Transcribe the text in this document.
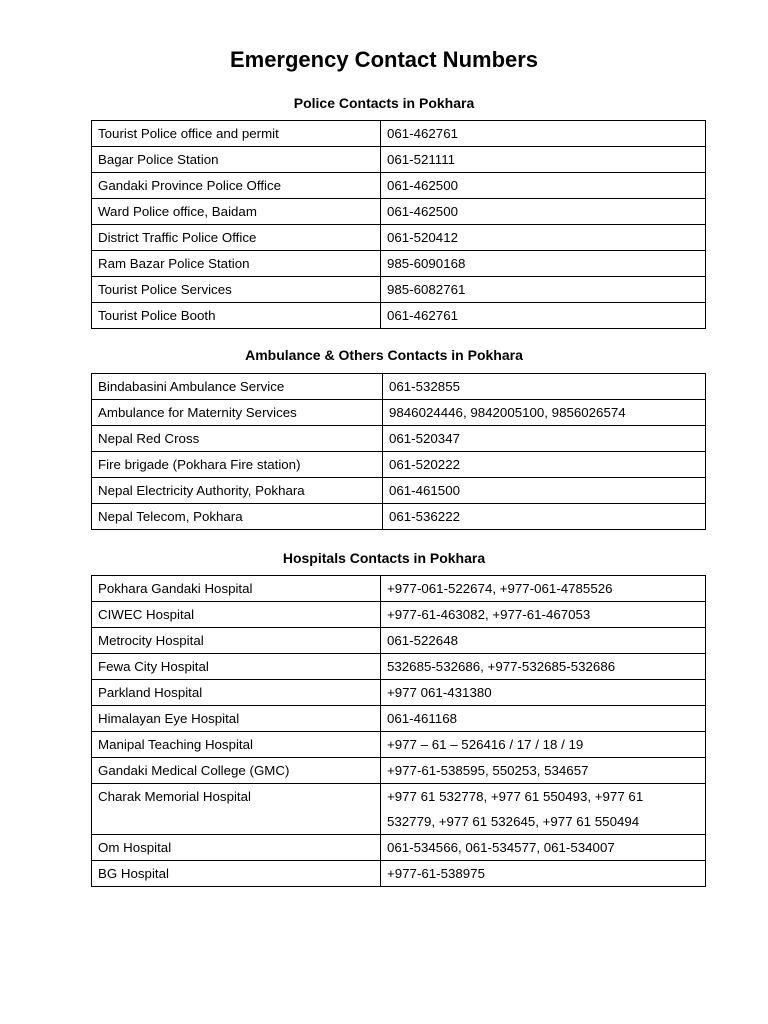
Emergency Contact Numbers
Police Contacts in Pokhara
Tourist Police office and permit	061-462761
Bagar Police Station	061-521111
Gandaki Province Police Office	061-462500
Ward Police office, Baidam	061-462500
District Traffic Police Office	061-520412
Ram Bazar Police Station	985-6090168
Tourist Police Services	985-6082761
Tourist Police Booth	061-462761
Ambulance & Others Contacts in Pokhara
Bindabasini Ambulance Service	061-532855
Ambulance for Maternity Services	9846024446, 9842005100, 9856026574
Nepal Red Cross	061-520347
Fire brigade (Pokhara Fire station)	061-520222
Nepal Electricity Authority, Pokhara	061-461500
Nepal Telecom, Pokhara	061-536222
Hospitals Contacts in Pokhara
Pokhara Gandaki Hospital	+977-061-522674, +977-061-4785526
CIWEC Hospital	+977-61-463082, +977-61-467053
Metrocity Hospital	061-522648
Fewa City Hospital	532685-532686, +977-532685-532686
Parkland Hospital	+977 061-431380
Himalayan Eye Hospital	061-461168
Manipal Teaching Hospital	+977 – 61 – 526416 / 17 / 18 / 19
Gandaki Medical College (GMC)	+977-61-538595, 550253, 534657
Charak Memorial Hospital	+977 61 532778, +977 61 550493, +977 61
532779, +977 61 532645, +977 61 550494

Om Hospital	061-534566, 061-534577, 061-534007
BG Hospital	+977-61-538975
